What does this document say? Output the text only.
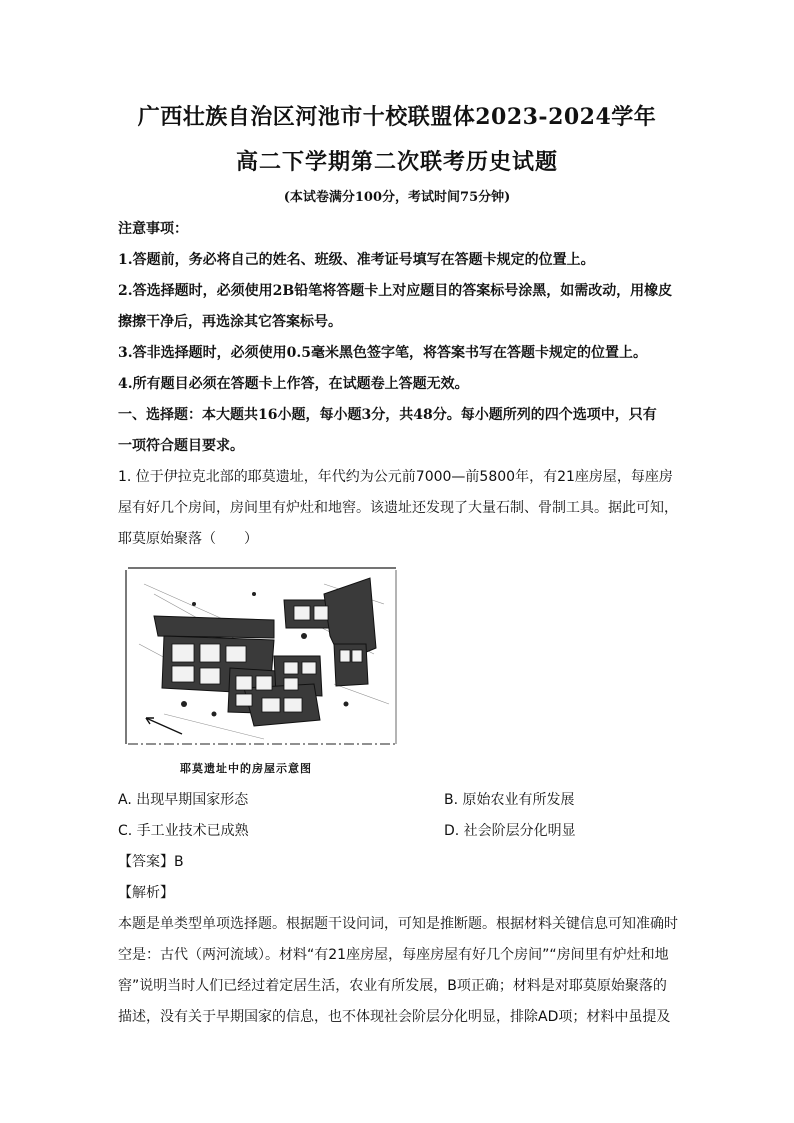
广西壮族自治区河池市十校联盟体2023-2024学年
高二下学期第二次联考历史试题
(本试卷满分100分，考试时间75分钟)
注意事项：
1.答题前，务必将自己的姓名、班级、准考证号填写在答题卡规定的位置上。
2.答选择题时，必须使用2B铅笔将答题卡上对应题目的答案标号涂黑，如需改动，用橡皮
擦擦干净后，再选涂其它答案标号。
3.答非选择题时，必须使用0.5毫米黑色签字笔，将答案书写在答题卡规定的位置上。
4.所有题目必须在答题卡上作答，在试题卷上答题无效。
一、选择题：本大题共16小题，每小题3分，共48分。每小题所列的四个选项中，只有
一项符合题目要求。
1. 位于伊拉克北部的耶莫遗址，年代约为公元前7000—前5800年，有21座房屋，每座房
屋有好几个房间，房间里有炉灶和地窖。该遗址还发现了大量石制、骨制工具。据此可知，
耶莫原始聚落（　　）
耶莫遗址中的房屋示意图
A. 出现早期国家形态	B. 原始农业有所发展
C. 手工业技术已成熟	D. 社会阶层分化明显
【答案】B
【解析】
本题是单类型单项选择题。根据题干设问词，可知是推断题。根据材料关键信息可知准确时
空是：古代（两河流域）。材料“有21座房屋，每座房屋有好几个房间”“房间里有炉灶和地
窖”说明当时人们已经过着定居生活，农业有所发展，B项正确；材料是对耶莫原始聚落的
描述，没有关于早期国家的信息，也不体现社会阶层分化明显，排除AD项；材料中虽提及
